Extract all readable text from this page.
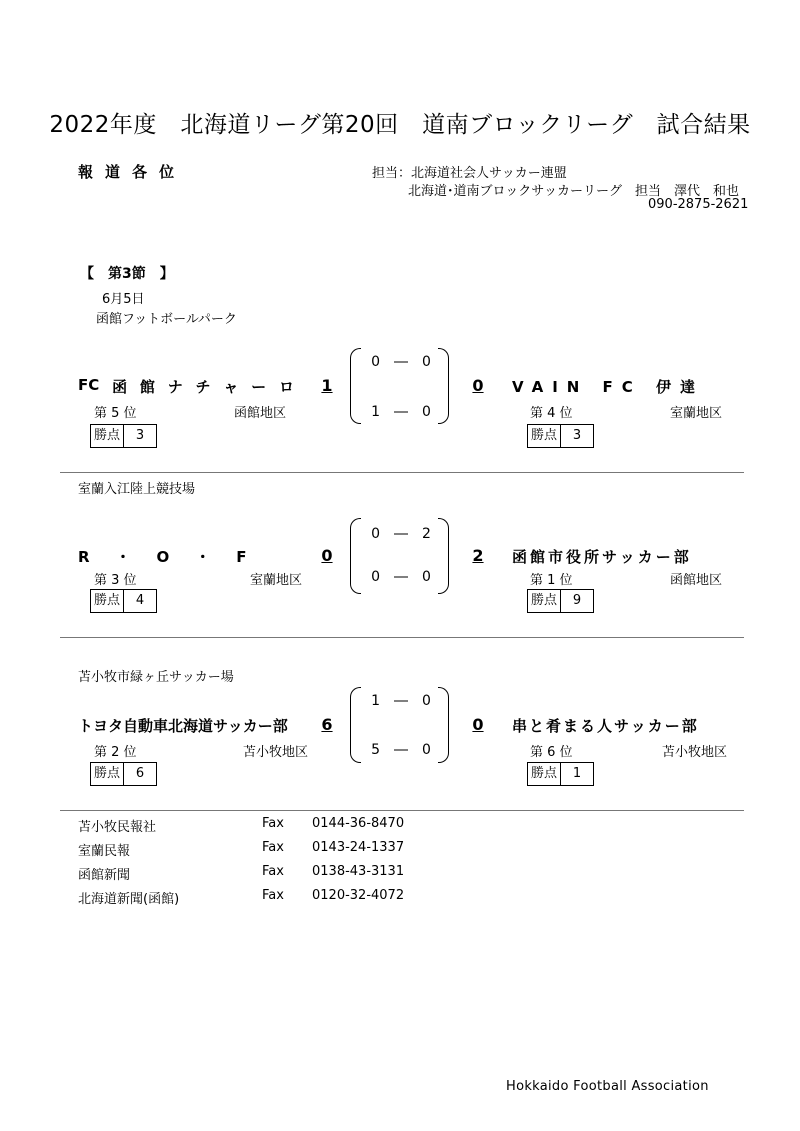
2022年度　北海道リーグ第20回　道南ブロックリーグ　試合結果
報道各位	担当：北海道社会人サッカー連盟
北海道･道南ブロックサッカーリーグ　担当　澤代　和也
090-2875-2621
【　第3節　】
6月5日
函館フットボールパーク
FC 函 館 ナ チ ャ ー ロ 1
0　 ―　 0
1　 ―　 0
0 VAIN FC 伊達
第 5 位	函館地区	第 4 位	室蘭地区
勝点	3	勝点	3
室蘭入江陸上競技場
R・O・F	0
0　 ―　 2
0　 ―　 0
2 函館市役所サッカー部
第 3 位	室蘭地区	第 1 位	函館地区
勝点	4	勝点	9
苫小牧市緑ヶ丘サッカー場
トヨタ自動車北海道サッカー部	6
1　 ―　 0
5　 ―　 0
0 串と肴まる人サッカー部
第 2 位	苫小牧地区	第 6 位	苫小牧地区
勝点	6	勝点	1
苫小牧民報社	Fax 0144-36-8470
室蘭民報	Fax 0143-24-1337
函館新聞	Fax 0138-43-3131
北海道新聞(函館)	Fax 0120-32-4072
Hokkaido Football Association
